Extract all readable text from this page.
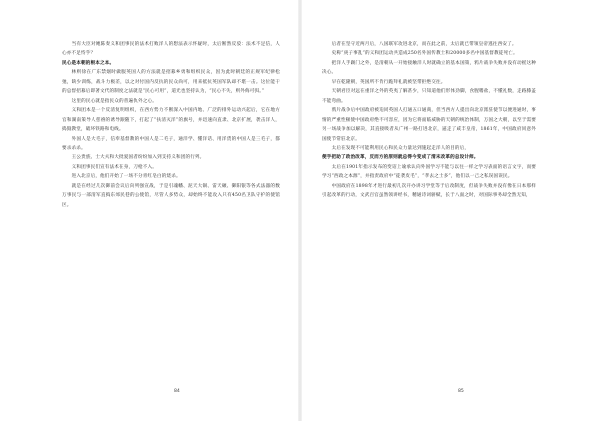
当有大臣对她陈奏义和团事民的法术打败洋人的想法表示怀疑时，太后断然反驳：法术不足信，人心亦不足恃乎？

民心是本朝的根本之本。

林则徐在广东禁烟时做服英国人的方法就是招募乡勇和组织民众，因为此时朝廷的正规军纪律松弛，缺少训练，战斗力极差，以之对付国内反抗的民众尚可，用来抵抗英国军队却不堪一击。这位能干的总督招募后即著文代的制度之法就是“民心可用”，道光也坚持认为，“民心不失，则外侮可弭。”

这里的民心就是指民众的普遍仇外之心。

义和团本是一个反清复明组织，在西方势力不断深入中国内地、广泛的排外运动兴起后，它在地方官和湖南策导人慈禧的诱导跟随下，打起了“扶清灭洋”的旗号，并迅速向直隶、北京扩展，袭击洋人，捣毁教堂，破坏铁路和电线。

外国人是大毛子，信奉基督教的中国人是二毛子，通洋学、懂洋话、用洋货的中国人是三毛子，都要杀杀杀。

王公贵族、士大夫和大批爱国者纷纷加入到支持义和团的行列。

义和团事民们宣有法术在身，刀枪不入。

进入北京后，他们开始了一场不分青红皂白的烧杀。

就是在经过几次御前会议后向列强宣战，于是引魂幡、泥天大铜、雷天碾、御阳银等各式法器的数万事民与一部清军直捣东郊民巷的公使馆，尽管人多势众，却始终不能攻入只有450名卫队守护的使馆区。

84

后者在坚守近两月后，八国联军攻进北京，而在此之前，太后就已带领皇帝逃往西安了。

史称“庚子事乱”的义和团运动共造成250名外国传教士和20000多名中国基督教徒死亡。

把洋人手踢门之外，是清朝从一开始接触洋人时就确立的基本国策，鸦片战争失败并没有动摇这种决心。

早在乾隆朝，英国所不肯行跪拜礼就被坚带拒绝交往。

天朝君臣对远在重洋之外的英夷了解甚少，只知道他们形体劲脚，食腥嗜盐，不懂礼数，走路膝盖不能弯曲。

鸦片战争后中国政府被迫同英国人打通五口通商，但当西方人提出向北京派驻使节以便进通时，事情的严重性顿使中国政府绝不可容应，因为它将面临威胁的天朝的统治体制，万国之大朝，以至于需要另一场战争加以解决，其直接吸者从广州一路打进北京，逼走了咸丰皇帝，1861年，中国政府同意外国使节常驻北京。

太后在发现不可能利用民心和民众力量达到施起走洋人的目的后，

便手把助了政治改革，反而方的原则就总得今变成了清末改革的总设计师。

太后在1901年指示发布的变诏上谕承认向外国学习不能与以往一样之学习表面的语言文字，而要学习“西政之本源”，并指责政府中“徒袭皮毛”，“孝去之士多”，他们以一己之私误国误民。

中国政府在1898年才进行最初几次开办讲习学堂等于后改制度，但战争失败并没有像在日本那样引起改革的行动，文武百官虽然领讲经书，精通诗词骈赋，长于八面之时，对国际事务却全然无知，

85
